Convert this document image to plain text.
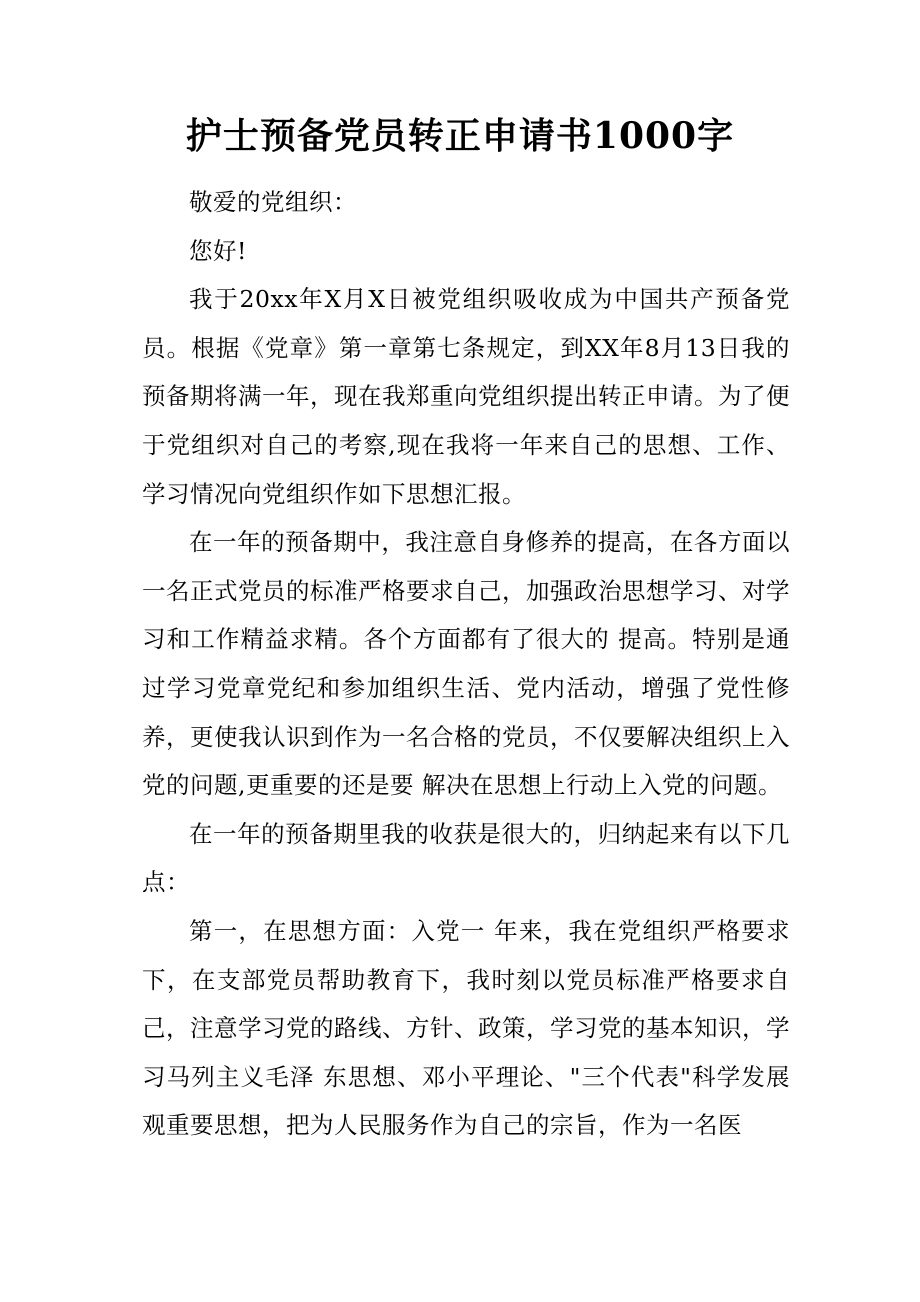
护士预备党员转正申请书1000字

敬爱的党组织：

您好!

我于20xx年X月X日被党组织吸收成为中国共产预备党员。根据《党章》第一章第七条规定，到XX年8月13日我的预备期将满一年，现在我郑重向党组织提出转正申请。为了便于党组织对自己的考察,现在我将一年来自己的思想、工作、学习情况向党组织作如下思想汇报。

在一年的预备期中，我注意自身修养的提高，在各方面以一名正式党员的标准严格要求自己，加强政治思想学习、对学习和工作精益求精。各个方面都有了很大的 提高。特别是通过学习党章党纪和参加组织生活、党内活动，增强了党性修养，更使我认识到作为一名合格的党员，不仅要解决组织上入党的问题,更重要的还是要 解决在思想上行动上入党的问题。

在一年的预备期里我的收获是很大的，归纳起来有以下几点：

第一，在思想方面：入党一 年来，我在党组织严格要求下，在支部党员帮助教育下，我时刻以党员标准严格要求自己，注意学习党的路线、方针、政策，学习党的基本知识，学习马列主义毛泽 东思想、邓小平理论、"三个代表"科学发展观重要思想，把为人民服务作为自己的宗旨，作为一名医
